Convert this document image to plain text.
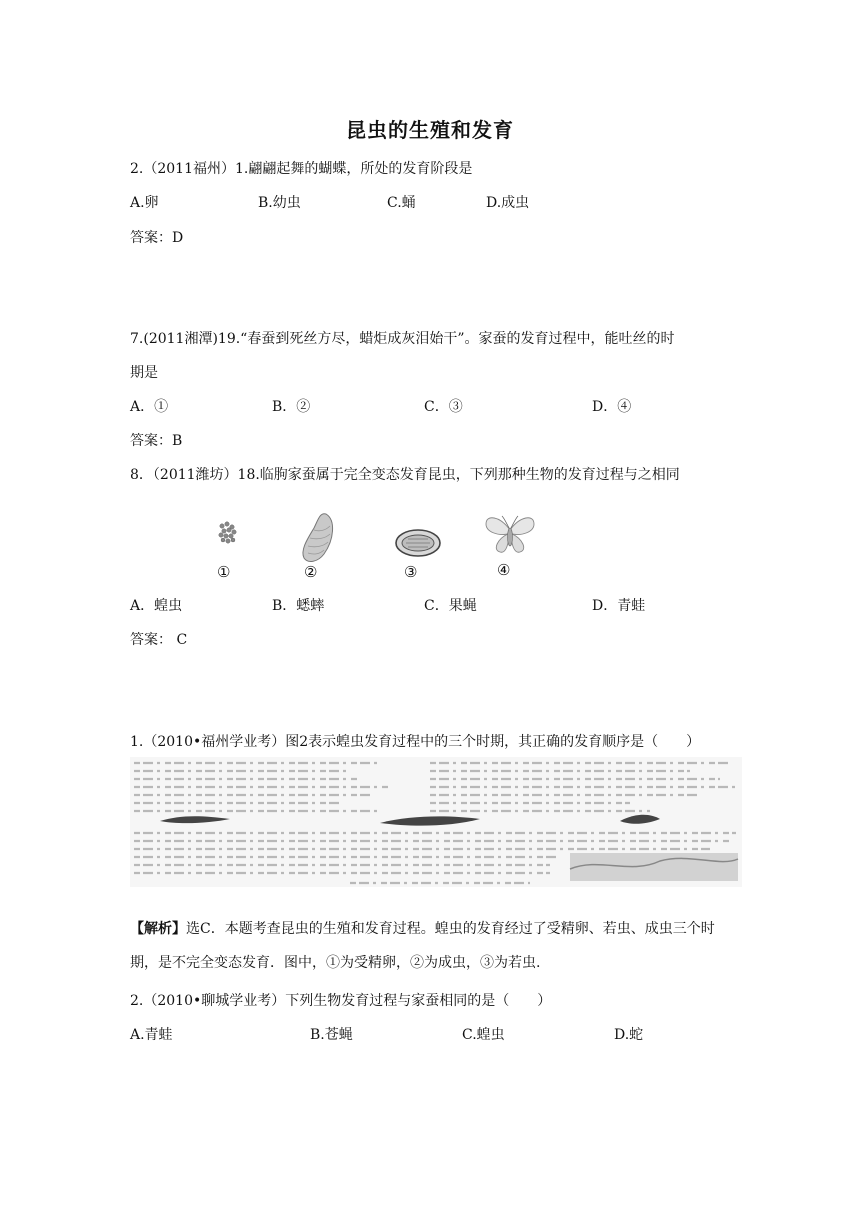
昆虫的生殖和发育
2.（2011福州）1.翩翩起舞的蝴蝶，所处的发育阶段是
A.卵	B.幼虫	C.蛹	D.成虫
答案：D
7.(2011湘潭)19.“春蚕到死丝方尽，蜡炬成灰泪始干”。家蚕的发育过程中，能吐丝的时
期是
A．①	B．②	C．③	D．④
答案：B
8．（2011潍坊）18.临朐家蚕属于完全变态发育昆虫，下列那种生物的发育过程与之相同
①	②	③	④
A．蝗虫	B．蟋蟀	C．果蝇	D．青蛙
答案： C
1.（2010•福州学业考）图2表示蝗虫发育过程中的三个时期，其正确的发育顺序是（　　）
【解析】选C．本题考查昆虫的生殖和发育过程。蝗虫的发育经过了受精卵、若虫、成虫三个时期，是不完全变态发育．图中，①为受精卵，②为成虫，③为若虫.
2.（2010•聊城学业考）下列生物发育过程与家蚕相同的是（　　）
A.青蛙	B.苍蝇	C.蝗虫	D.蛇
